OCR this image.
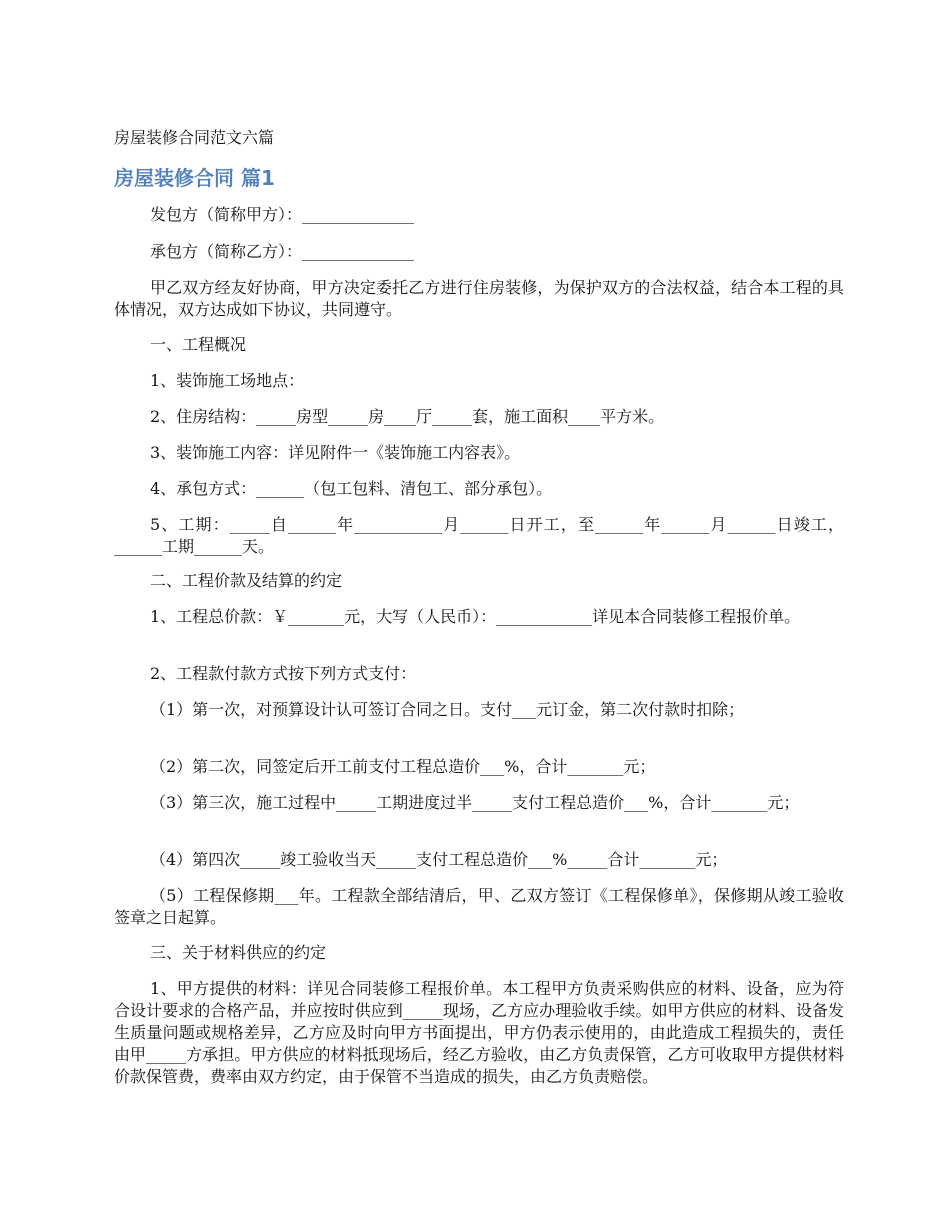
房屋装修合同范文六篇
房屋装修合同 篇1

发包方（简称甲方）：______________

承包方（简称乙方）：______________

甲乙双方经友好协商，甲方决定委托乙方进行住房装修，为保护双方的合法权益，结合本工程的具体情况，双方达成如下协议，共同遵守。

一、工程概况

1、装饰施工场地点：

2、住房结构：_____房型_____房____厅_____套，施工面积____平方米。

3、装饰施工内容：详见附件一《装饰施工内容表》。

4、承包方式：______（包工包料、清包工、部分承包）。

5、工期：_____自______年___________月______日开工，至______年______月______日竣工，______工期______天。

二、工程价款及结算的约定

1、工程总价款：￥_______元，大写（人民币）：____________详见本合同装修工程报价单。

2、工程款付款方式按下列方式支付：

（1）第一次，对预算设计认可签订合同之日。支付___元订金，第二次付款时扣除；

（2）第二次，同签定后开工前支付工程总造价___%，合计_______元；

（3）第三次，施工过程中_____工期进度过半_____支付工程总造价___%，合计_______元；

（4）第四次_____竣工验收当天_____支付工程总造价___%_____合计_______元；

（5）工程保修期___年。工程款全部结清后，甲、乙双方签订《工程保修单》，保修期从竣工验收签章之日起算。

三、关于材料供应的约定

1、甲方提供的材料：详见合同装修工程报价单。本工程甲方负责采购供应的材料、设备，应为符合设计要求的合格产品，并应按时供应到_____现场，乙方应办理验收手续。如甲方供应的材料、设备发生质量问题或规格差异，乙方应及时向甲方书面提出，甲方仍表示使用的，由此造成工程损失的，责任由甲_____方承担。甲方供应的材料抵现场后，经乙方验收，由乙方负责保管，乙方可收取甲方提供材料价款保管费，费率由双方约定，由于保管不当造成的损失，由乙方负责赔偿。
